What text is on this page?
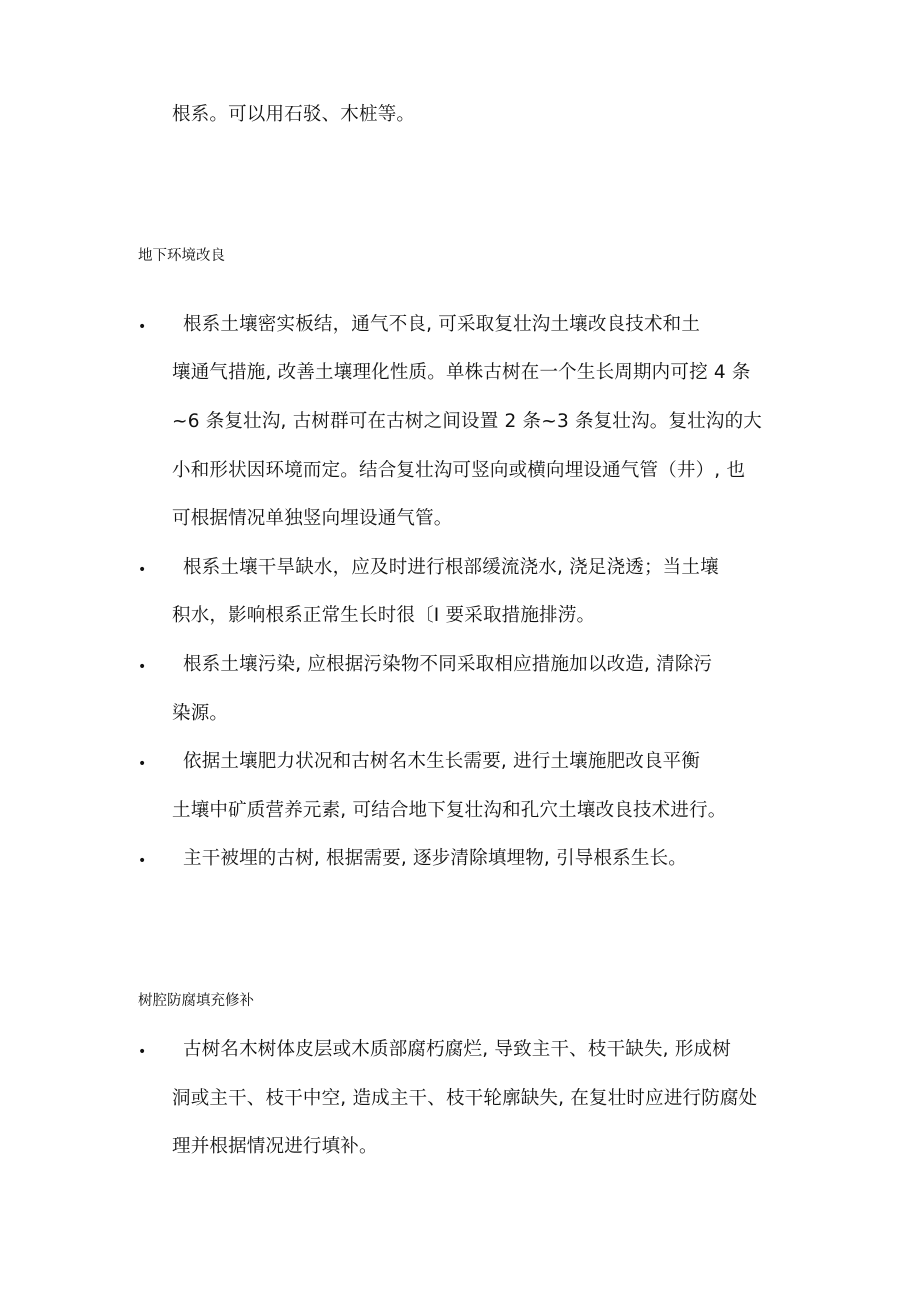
根系。可以用石驳、木桩等。
地下环境改良
• 根系土壤密实板结，通气不良, 可采取复壮沟土壤改良技术和土
壤通气措施, 改善土壤理化性质。单株古树在一个生长周期内可挖 4 条
~6 条复壮沟, 古树群可在古树之间设置 2 条~3 条复壮沟。复壮沟的大
小和形状因环境而定。结合复壮沟可竖向或横向埋设通气管（井）, 也
可根据情况单独竖向埋设通气管。
• 根系土壤干旱缺水，应及时进行根部缓流浇水, 浇足浇透；当土壤
积水，影响根系正常生长时很〔I 要采取措施排涝。
• 根系土壤污染, 应根据污染物不同采取相应措施加以改造, 清除污
染源。
• 依据土壤肥力状况和古树名木生长需要, 进行土壤施肥改良平衡
土壤中矿质营养元素, 可结合地下复壮沟和孔穴土壤改良技术进行。
• 主干被埋的古树, 根据需要, 逐步清除填埋物, 引导根系生长。
树腔防腐填充修补
• 古树名木树体皮层或木质部腐朽腐烂, 导致主干、枝干缺失, 形成树
洞或主干、枝干中空, 造成主干、枝干轮廓缺失, 在复壮时应进行防腐处
理并根据情况进行填补。
